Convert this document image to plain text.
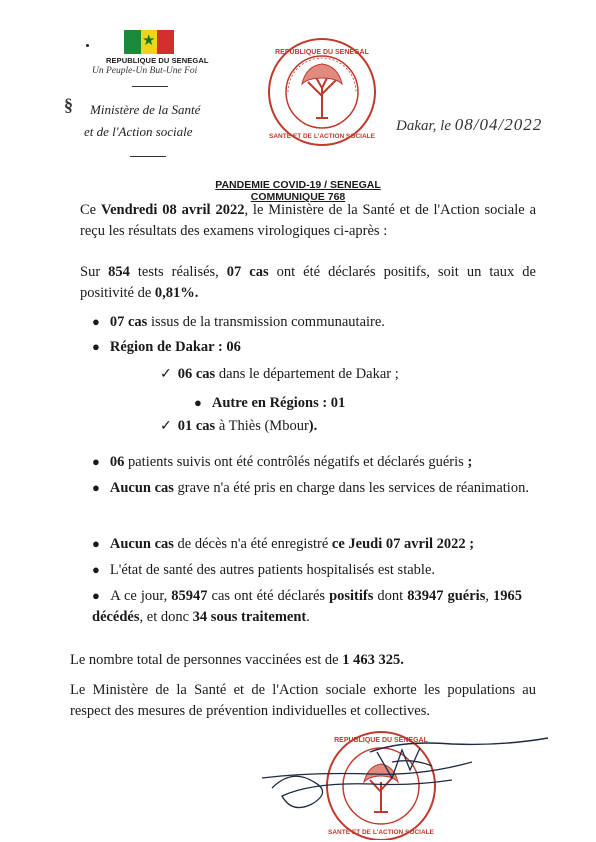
★
REPUBLIQUE DU SENEGAL
Un Peuple-Un But-Une Foi
§ Ministère de la Santé
et de l'Action sociale
REPUBLIQUE DU SENEGAL
SANTE ET DE L'ACTION SOCIALE
Dakar, le 08/04/2022
PANDEMIE COVID-19 / SENEGAL
COMMUNIQUE 768
Ce Vendredi 08 avril 2022, le Ministère de la Santé et de l'Action sociale a reçu les résultats des examens virologiques ci-après :
Sur 854 tests réalisés, 07 cas ont été déclarés positifs, soit un taux de positivité de 0,81%.
● 07 cas issus de la transmission communautaire.
● Région de Dakar : 06
✓ 06 cas dans le département de Dakar ;
● Autre en Régions : 01
✓ 01 cas à Thiès (Mbour).
● 06 patients suivis ont été contrôlés négatifs et déclarés guéris ;
● Aucun cas grave n'a été pris en charge dans les services de réanimation.
● Aucun cas de décès n'a été enregistré ce Jeudi 07 avril 2022 ;
● L'état de santé des autres patients hospitalisés est stable.
● A ce jour, 85947 cas ont été déclarés positifs dont 83947 guéris, 1965 décédés, et donc 34 sous traitement.
Le nombre total de personnes vaccinées est de 1 463 325.
Le Ministère de la Santé et de l'Action sociale exhorte les populations au respect des mesures de prévention individuelles et collectives.
REPUBLIQUE DU SENEGAL
SANTE ET DE L'ACTION SOCIALE
